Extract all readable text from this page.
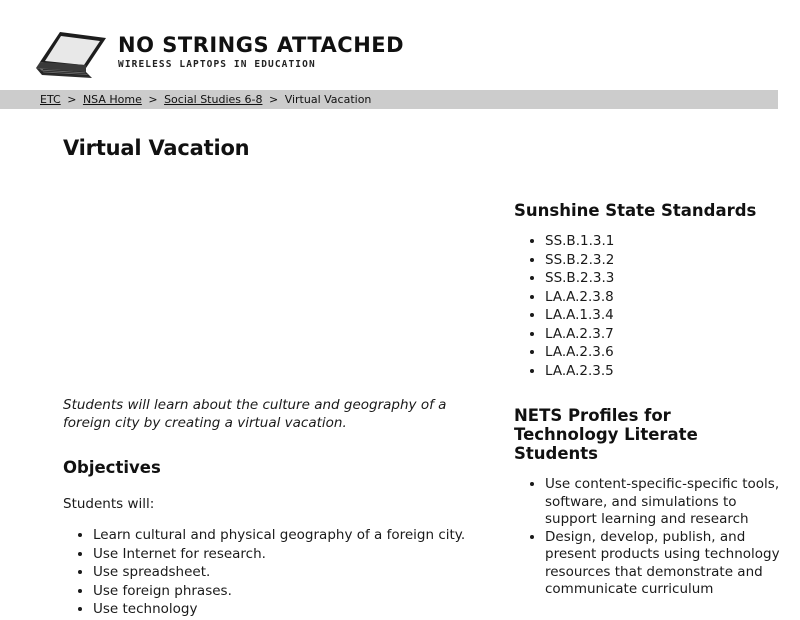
NO STRINGS ATTACHED
WIRELESS LAPTOPS IN EDUCATION
ETC > NSA Home > Social Studies 6-8 > Virtual Vacation
Virtual Vacation

Students will learn about the culture and geography of a foreign city by creating a virtual vacation.

Objectives

Students will:

• Learn cultural and physical geography of a foreign city.
• Use Internet for research.
• Use spreadsheet.
• Use foreign phrases.
• Use technology
Sunshine State Standards
• SS.B.1.3.1
• SS.B.2.3.2
• SS.B.2.3.3
• LA.A.2.3.8
• LA.A.1.3.4
• LA.A.2.3.7
• LA.A.2.3.6
• LA.A.2.3.5
NETS Profiles for Technology Literate Students
• Use content-specific-specific tools, software, and simulations to support learning and research
• Design, develop, publish, and present products using technology resources that demonstrate and communicate curriculum
